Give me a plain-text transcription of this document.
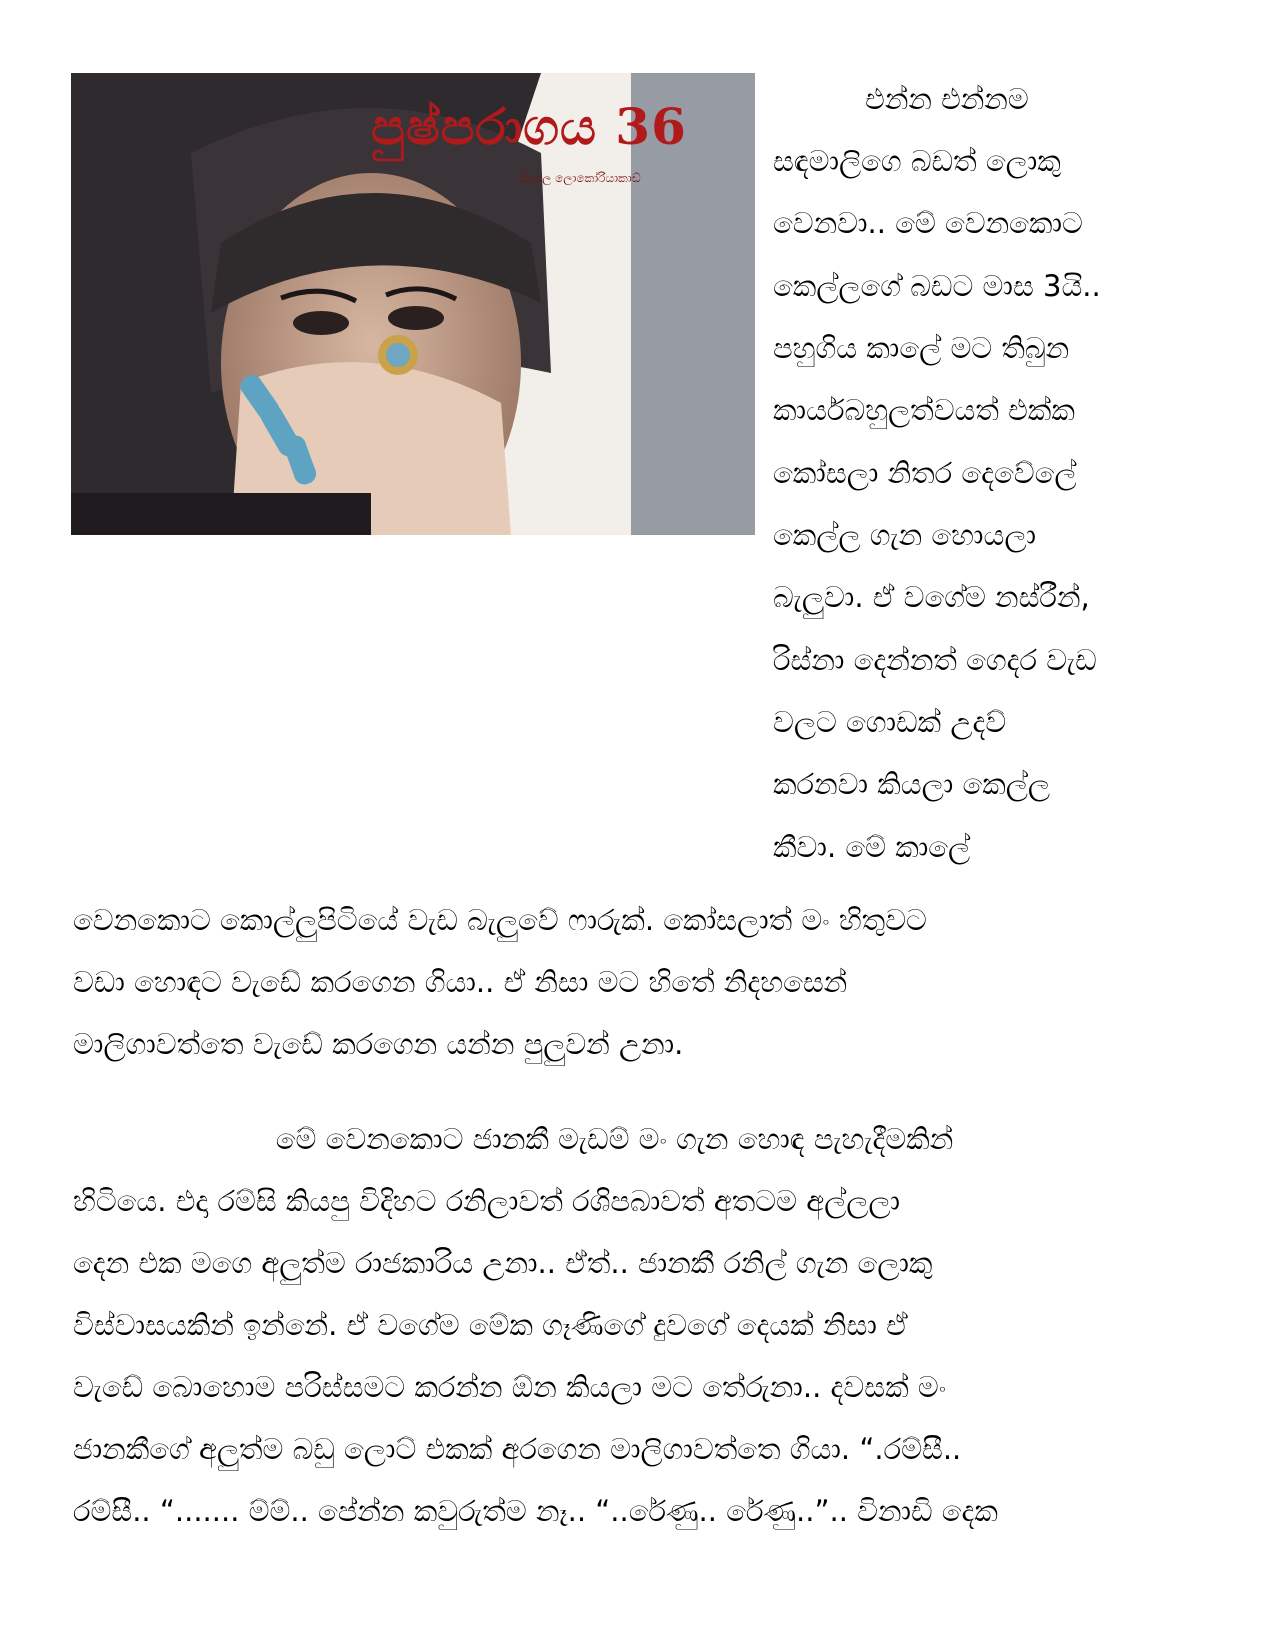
පුෂ්පරාගය 36
සිංහල ලොකෝරියාකාඩ්
එන්න එන්නම
සඳමාලිගෙ බඩත් ලොකු
වෙනවා.. මේ වෙනකොට
කෙල්ලගේ බඩට මාස 3යි..
පහුගිය කාලේ මට තිබුන
කාර්යබහුලත්වයත් එක්ක
කෝසලා නිතර දෙවේලේ
කෙල්ල ගැන හොයලා
බැලුවා. ඒ වගේම නස්රීන්,
රිස්නා දෙන්නත් ගෙදර වැඩ
වලට ගොඩක් උදව්
කරනවා කියලා කෙල්ල
කීවා. මේ කාලේ
වෙනකොට කොල්ලුපිටියේ වැඩ බැලුවේ ෆාරුක්. කෝසලාත් මං හිතුවට
වඩා හොඳට වැඩේ කරගෙන ගියා.. ඒ නිසා මට හිතේ නිදහසෙන්
මාලිගාවත්තෙ වැඩේ කරගෙන යන්න පුලුවන් උනා.
මේ වෙනකොට ජානකී මැඩම් මං ගැන හොඳ පැහැදීමකින්
හිටියෙ. එදා රම්සි කියපු විදිහට රනිලාවත් රශිපබාවත් අතටම අල්ලලා
දෙන එක මගෙ අලුත්ම රාජකාරිය උනා.. ඒත්.. ජානකී රනිල් ගැන ලොකු
විස්වාසයකින් ඉන්නේ. ඒ වගේම මේක ගෑණිගේ දුවගේ දෙයක් නිසා ඒ
වැඩේ බොහොම පරිස්සමට කරන්න ඕන කියලා මට තේරුනා.. දවසක් මං
ජානකීගේ අලුත්ම බඩු ලොට් එකක් අරගෙන මාලිගාවත්තෙ ගියා. “.රම්සී..
රම්සී.. “....... ම්ම්.. පේන්න කවුරුත්ම නෑ.. “..රේණු.. රේණු..”.. විනාඩි දෙක
